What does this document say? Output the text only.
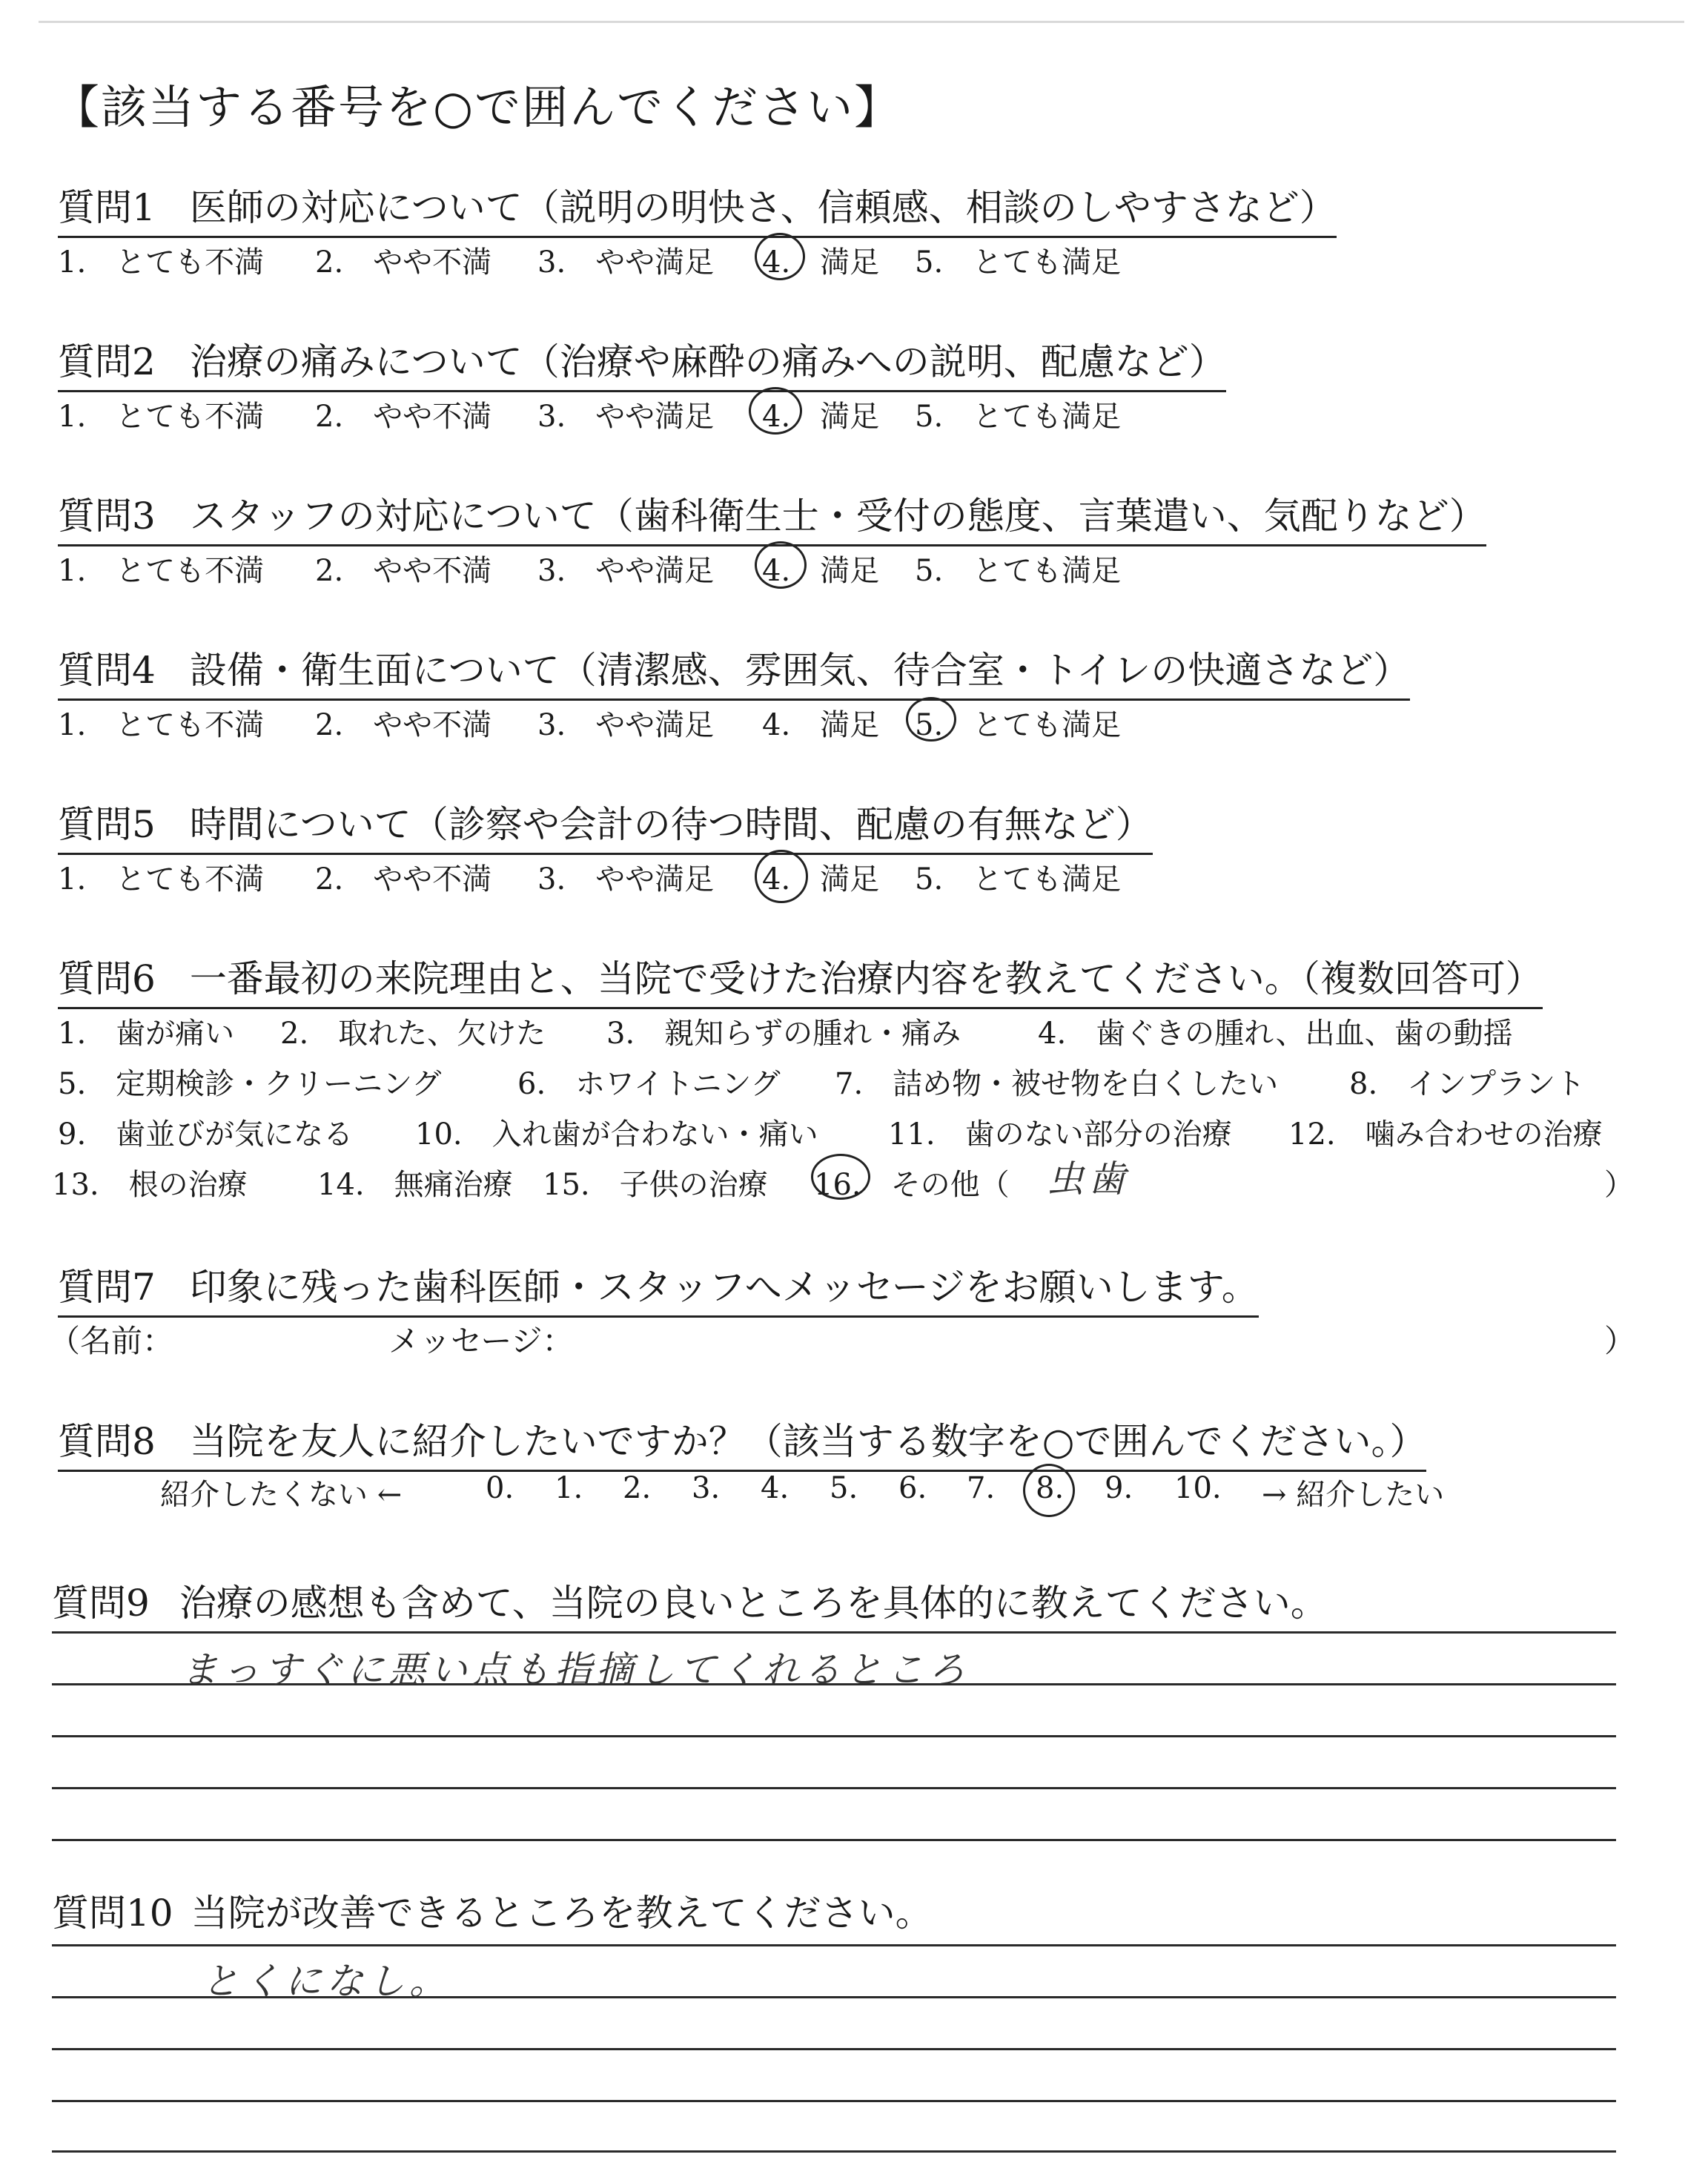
【該当する番号を○で囲んでください】
質問1 医師の対応について（説明の明快さ、信頼感、相談のしやすさなど）
1.　とても不満 2.　やや不満 3.　やや満足 4.　満足 5.　とても満足
質問2 治療の痛みについて（治療や麻酔の痛みへの説明、配慮など）
1.　とても不満 2.　やや不満 3.　やや満足 4.　満足 5.　とても満足
質問3 スタッフの対応について（歯科衛生士・受付の態度、言葉遣い、気配りなど）
1.　とても不満 2.　やや不満 3.　やや満足 4.　満足 5.　とても満足
質問4 設備・衛生面について（清潔感、雰囲気、待合室・トイレの快適さなど）
1.　とても不満 2.　やや不満 3.　やや満足 4.　満足 5.　とても満足
質問5 時間について（診察や会計の待つ時間、配慮の有無など）
1.　とても不満 2.　やや不満 3.　やや満足 4.　満足 5.　とても満足
質問6 一番最初の来院理由と、当院で受けた治療内容を教えてください。（複数回答可）
1.　歯が痛い 2.　取れた、欠けた 3.　親知らずの腫れ・痛み	4.　歯ぐきの腫れ、出血、歯の動揺
5.　定期検診・クリーニング	6.　ホワイトニング 7.　詰め物・被せ物を白くしたい 8.　インプラント
9.　歯並びが気になる 10.　入れ歯が合わない・痛い 11.　歯のない部分の治療 12.　噛み合わせの治療
13.　根の治療 14.　無痛治療 15.　子供の治療 16.　その他（ 虫歯	）
質問7 印象に残った歯科医師・スタッフへメッセージをお願いします。
（名前：	メッセージ：	）
質問8 当院を友人に紹介したいですか？（該当する数字を○で囲んでください。）
紹介したくない ←	0. 1. 2. 3. 4. 5. 6. 7. 8. 9. 10. → 紹介したい
質問9 治療の感想も含めて、当院の良いところを具体的に教えてください。
まっすぐに悪い点も指摘してくれるところ
質問10 当院が改善できるところを教えてください。
とくになし。
